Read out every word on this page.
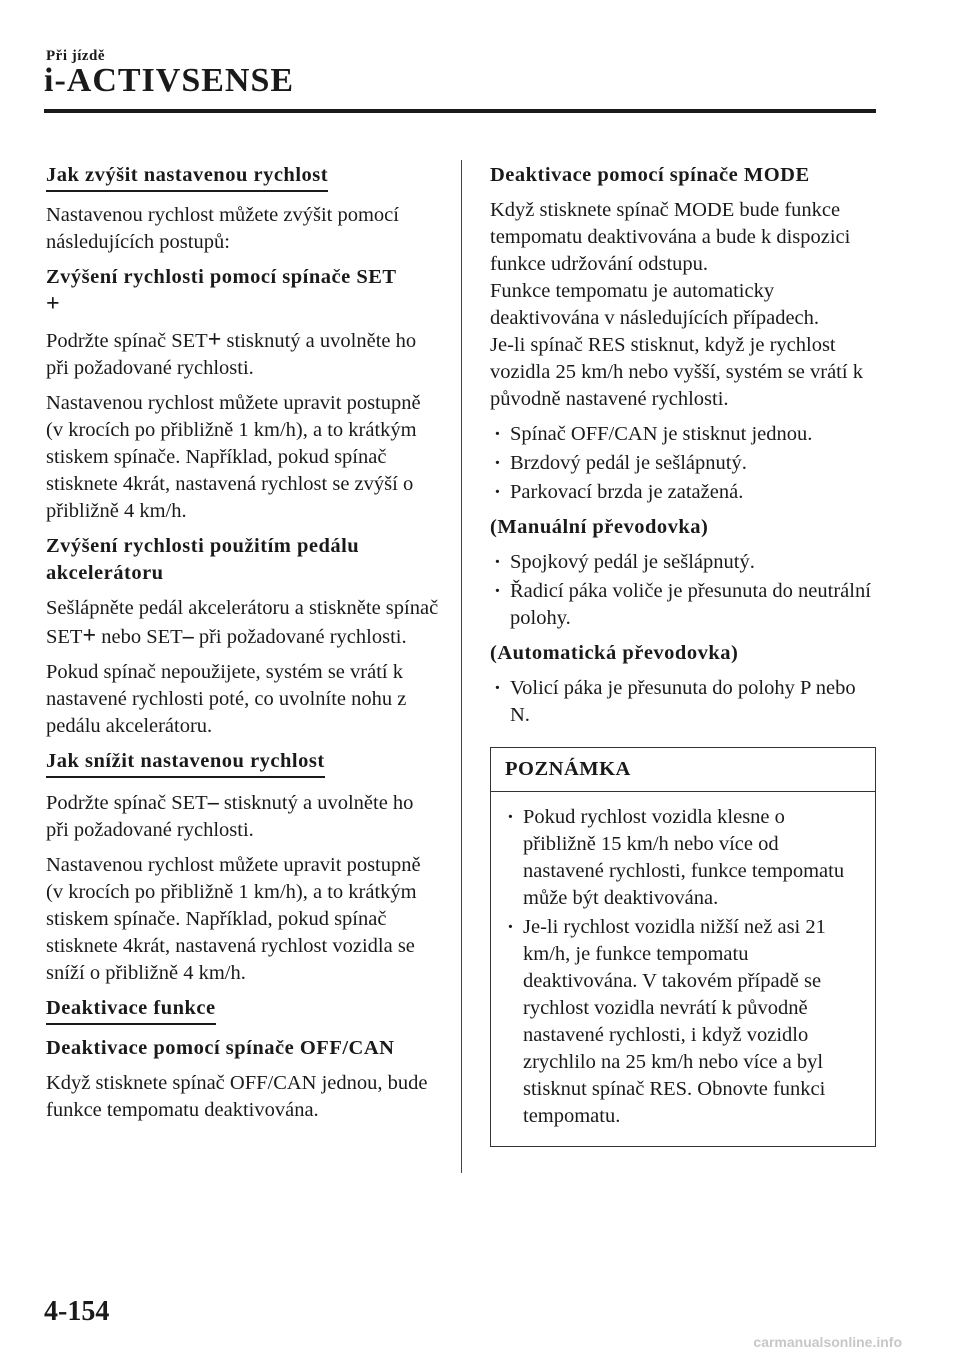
Při jízdě
i-ACTIVSENSE
Jak zvýšit nastavenou rychlost

Nastavenou rychlost můžete zvýšit pomocí následujících postupů:

Zvýšení rychlosti pomocí spínače SET
+

Podržte spínač SET+ stisknutý a uvolněte ho při požadované rychlosti.

Nastavenou rychlost můžete upravit postupně (v krocích po přibližně 1 km/h), a to krátkým stiskem spínače. Například, pokud spínač stisknete 4krát, nastavená rychlost se zvýší o přibližně 4 km/h.

Zvýšení rychlosti použitím pedálu akcelerátoru

Sešlápněte pedál akcelerátoru a stiskněte spínač SET+ nebo SET– při požadované rychlosti.

Pokud spínač nepoužijete, systém se vrátí k nastavené rychlosti poté, co uvolníte nohu z pedálu akcelerátoru.

Jak snížit nastavenou rychlost

Podržte spínač SET– stisknutý a uvolněte ho při požadované rychlosti.

Nastavenou rychlost můžete upravit postupně (v krocích po přibližně 1 km/h), a to krátkým stiskem spínače. Například, pokud spínač stisknete 4krát, nastavená rychlost vozidla se sníží o přibližně 4 km/h.

Deaktivace funkce
Deaktivace pomocí spínače OFF/CAN

Když stisknete spínač OFF/CAN jednou, bude funkce tempomatu deaktivována.

Deaktivace pomocí spínače MODE

Když stisknete spínač MODE bude funkce tempomatu deaktivována a bude k dispozici funkce udržování odstupu.

Funkce tempomatu je automaticky deaktivována v následujících případech.

Je-li spínač RES stisknut, když je rychlost vozidla 25 km/h nebo vyšší, systém se vrátí k původně nastavené rychlosti.

· Spínač OFF/CAN je stisknut jednou.
· Brzdový pedál je sešlápnutý.
· Parkovací brzda je zatažená.
(Manuální převodovka)
· Spojkový pedál je sešlápnutý.
· Řadicí páka voliče je přesunuta do neutrální polohy.
(Automatická převodovka)
· Volicí páka je přesunuta do polohy P nebo N.
POZNÁMKA
· Pokud rychlost vozidla klesne o přibližně 15 km/h nebo více od nastavené rychlosti, funkce tempomatu může být deaktivována.
· Je-li rychlost vozidla nižší než asi 21 km/h, je funkce tempomatu deaktivována. V takovém případě se rychlost vozidla nevrátí k původně nastavené rychlosti, i když vozidlo zrychlilo na 25 km/h nebo více a byl stisknut spínač RES. Obnovte funkci tempomatu.
4-154
carmanualsonline.info
